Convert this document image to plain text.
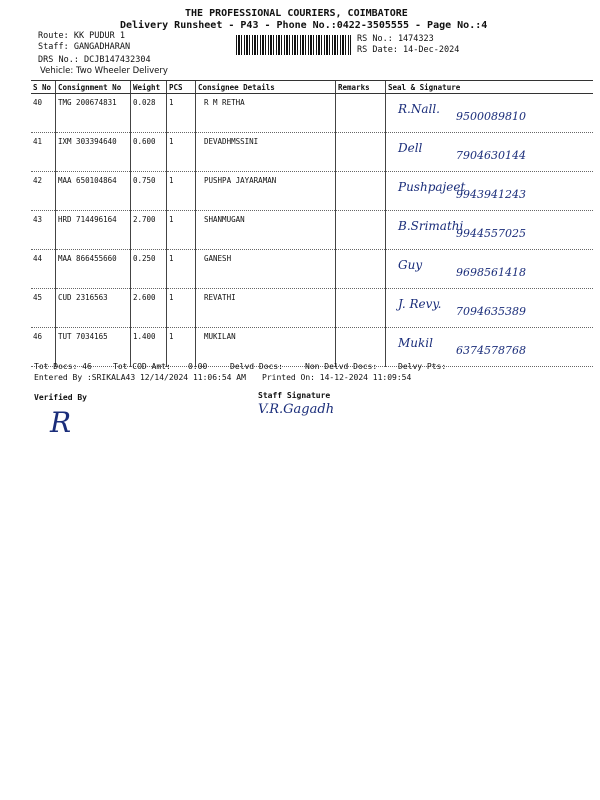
THE PROFESSIONAL COURIERS, COIMBATORE
Delivery Runsheet - P43 - Phone No.:0422-3505555 - Page No.:4
Route: KK PUDUR 1
Staff: GANGADHARAN
DRS No.: DCJB147432304
Vehicle: Two Wheeler Delivery
RS No.: 1474323
RS Date: 14-Dec-2024
S No	Consignment No	Weight	PCS	Consignee Details	Remarks	Seal & Signature
40	TMG 200674831	0.028	1	R M RETHA		R.Nall.
9500089810

41	IXM 303394640	0.600	1	DEVADHMSSINI		Dell
7904630144

42	MAA 650104864	0.750	1	PUSHPA JAYARAMAN		Pushpajeet
9943941243

43	HRD 714496164	2.700	1	SHANMUGAN		B.Srimathi
9944557025

44	MAA 866455660	0.250	1	GANESH		Guy
9698561418

45	CUD 2316563	2.600	1	REVATHI		J. Revy.
7094635389

46	TUT 7034165	1.400	1	MUKILAN		Mukil
6374578768
Tot Docs: 46	Tot COD Amt: 0.00	Delvd Docs:	Non Delvd Docs:	Delvy Pts:
Entered By :SRIKALA43 12/14/2024 11:06:54 AM Printed On: 14-12-2024 11:09:54
Verified By	Staff Signature
R	V.R.Gagadh
